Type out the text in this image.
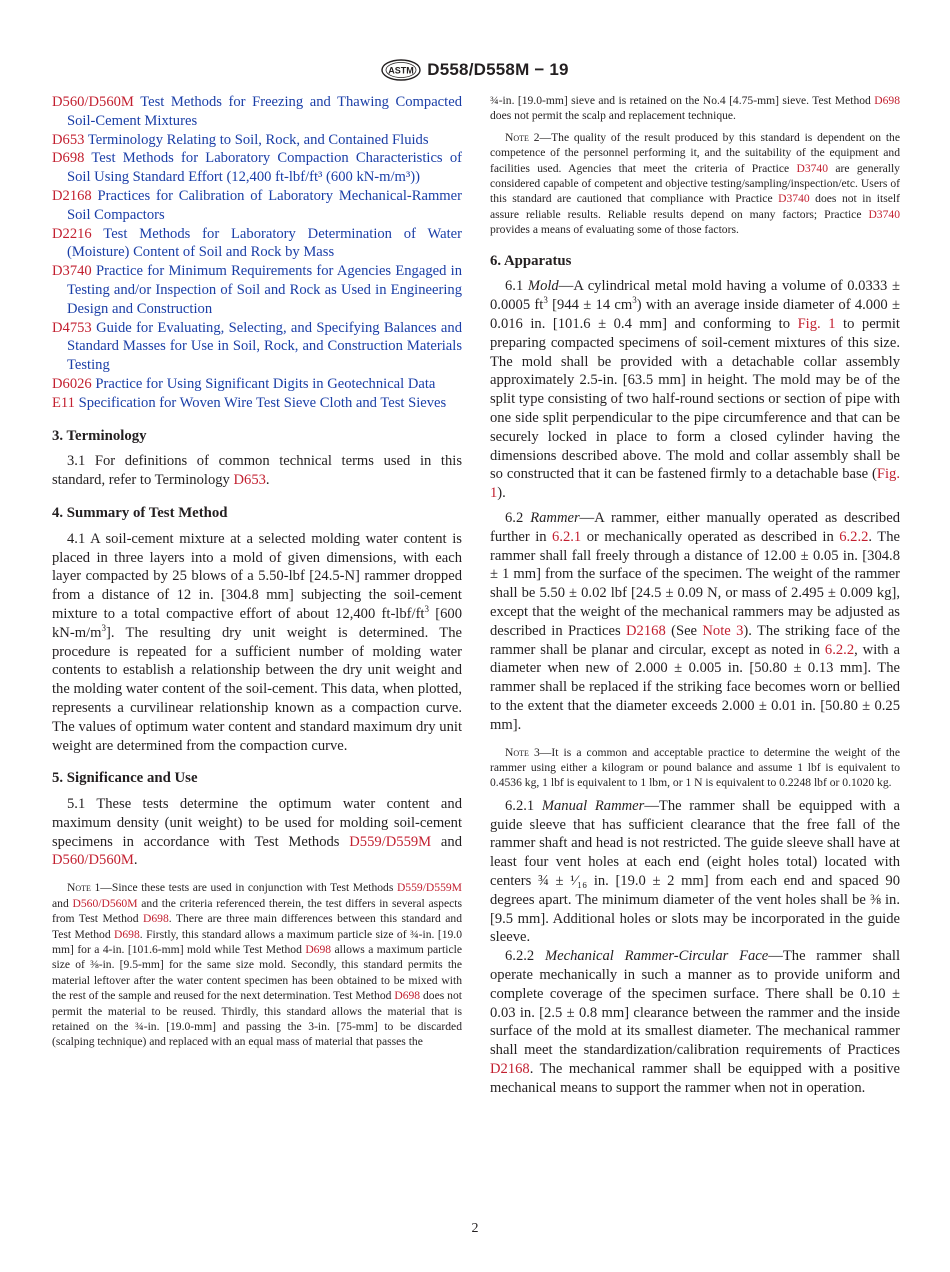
ASTM D558/D558M − 19
D560/D560M Test Methods for Freezing and Thawing Compacted Soil-Cement Mixtures
D653 Terminology Relating to Soil, Rock, and Contained Fluids
D698 Test Methods for Laboratory Compaction Characteristics of Soil Using Standard Effort (12,400 ft-lbf/ft³ (600 kN-m/m³))
D2168 Practices for Calibration of Laboratory Mechanical-Rammer Soil Compactors
D2216 Test Methods for Laboratory Determination of Water (Moisture) Content of Soil and Rock by Mass
D3740 Practice for Minimum Requirements for Agencies Engaged in Testing and/or Inspection of Soil and Rock as Used in Engineering Design and Construction
D4753 Guide for Evaluating, Selecting, and Specifying Balances and Standard Masses for Use in Soil, Rock, and Construction Materials Testing
D6026 Practice for Using Significant Digits in Geotechnical Data
E11 Specification for Woven Wire Test Sieve Cloth and Test Sieves
3. Terminology

3.1 For definitions of common technical terms used in this standard, refer to Terminology D653.

4. Summary of Test Method

4.1 A soil-cement mixture at a selected molding water content is placed in three layers into a mold of given dimensions, with each layer compacted by 25 blows of a 5.50-lbf [24.5-N] rammer dropped from a distance of 12 in. [304.8 mm] subjecting the soil-cement mixture to a total compactive effort of about 12,400 $ft-lbf/ft^3$ [600 $kN-m/m^3$]. The resulting dry unit weight is determined. The procedure is repeated for a sufficient number of molding water contents to establish a relationship between the dry unit weight and the molding water content of the soil-cement. This data, when plotted, represents a curvilinear relationship known as a compaction curve. The values of optimum water content and standard maximum dry unit weight are determined from the compaction curve.

5. Significance and Use

5.1 These tests determine the optimum water content and maximum density (unit weight) to be used for molding soil-cement specimens in accordance with Test Methods D559/D559M and D560/D560M.

Note 1—Since these tests are used in conjunction with Test Methods D559/D559M and D560/D560M and the criteria referenced therein, the test differs in several aspects from Test Method D698. There are three main differences between this standard and Test Method D698. Firstly, this standard allows a maximum particle size of ¾-in. [19.0 mm] for a 4-in. [101.6-mm] mold while Test Method D698 allows a maximum particle size of ⅜-in. [9.5-mm] for the same size mold. Secondly, this standard permits the material leftover after the water content specimen has been obtained to be mixed with the rest of the sample and reused for the next determination. Test Method D698 does not permit the material to be reused. Thirdly, this standard allows the material that is retained on the ¾-in. [19.0-mm] and passing the 3-in. [75-mm] to be discarded (scalping technique) and replaced with an equal mass of material that passes the

¾-in. [19.0-mm] sieve and is retained on the No.4 [4.75-mm] sieve. Test Method D698 does not permit the scalp and replacement technique.

Note 2—The quality of the result produced by this standard is dependent on the competence of the personnel performing it, and the suitability of the equipment and facilities used. Agencies that meet the criteria of Practice D3740 are generally considered capable of competent and objective testing/sampling/inspection/etc. Users of this standard are cautioned that compliance with Practice D3740 does not in itself assure reliable results. Reliable results depend on many factors; Practice D3740 provides a means of evaluating some of those factors.

6. Apparatus

6.1 Mold—A cylindrical metal mold having a volume of 0.0333 ± 0.0005 $ft^3$ [944 ± 14 $cm^3$) with an average inside diameter of 4.000 ± 0.016 in. [101.6 ± 0.4 mm] and conforming to Fig. 1 to permit preparing compacted specimens of soil-cement mixtures of this size. The mold shall be provided with a detachable collar assembly approximately 2.5-in. [63.5 mm] in height. The mold may be of the split type consisting of two half-round sections or section of pipe with one side split perpendicular to the pipe circumference and that can be securely locked in place to form a closed cylinder having the dimensions described above. The mold and collar assembly shall be so constructed that it can be fastened firmly to a detachable base (Fig. 1).

6.2 Rammer—A rammer, either manually operated as described further in 6.2.1 or mechanically operated as described in 6.2.2. The rammer shall fall freely through a distance of 12.00 ± 0.05 in. [304.8 ± 1 mm] from the surface of the specimen. The weight of the rammer shall be 5.50 ± 0.02 lbf [24.5 ± 0.09 N, or mass of 2.495 ± 0.009 kg], except that the weight of the mechanical rammers may be adjusted as described in Practices D2168 (See Note 3). The striking face of the rammer shall be planar and circular, except as noted in 6.2.2, with a diameter when new of 2.000 ± 0.005 in. [50.80 ± 0.13 mm]. The rammer shall be replaced if the striking face becomes worn or bellied to the extent that the diameter exceeds 2.000 ± 0.01 in. [50.80 ± 0.25 mm].

Note 3—It is a common and acceptable practice to determine the weight of the rammer using either a kilogram or pound balance and assume 1 lbf is equivalent to 0.4536 kg, 1 lbf is equivalent to 1 lbm, or 1 N is equivalent to 0.2248 lbf or 0.1020 kg.

6.2.1 Manual Rammer—The rammer shall be equipped with a guide sleeve that has sufficient clearance that the free fall of the rammer shaft and head is not restricted. The guide sleeve shall have at least four vent holes at each end (eight holes total) located with centers ¾ ± ¹⁄₁₆ in. [19.0 ± 2 mm] from each end and spaced 90 degrees apart. The minimum diameter of the vent holes shall be ⅜ in. [9.5 mm]. Additional holes or slots may be incorporated in the guide sleeve.

6.2.2 Mechanical Rammer-Circular Face—The rammer shall operate mechanically in such a manner as to provide uniform and complete coverage of the specimen surface. There shall be 0.10 ± 0.03 in. [2.5 ± 0.8 mm] clearance between the rammer and the inside surface of the mold at its smallest diameter. The mechanical rammer shall meet the standardization/calibration requirements of Practices D2168. The mechanical rammer shall be equipped with a positive mechanical means to support the rammer when not in operation.

2
